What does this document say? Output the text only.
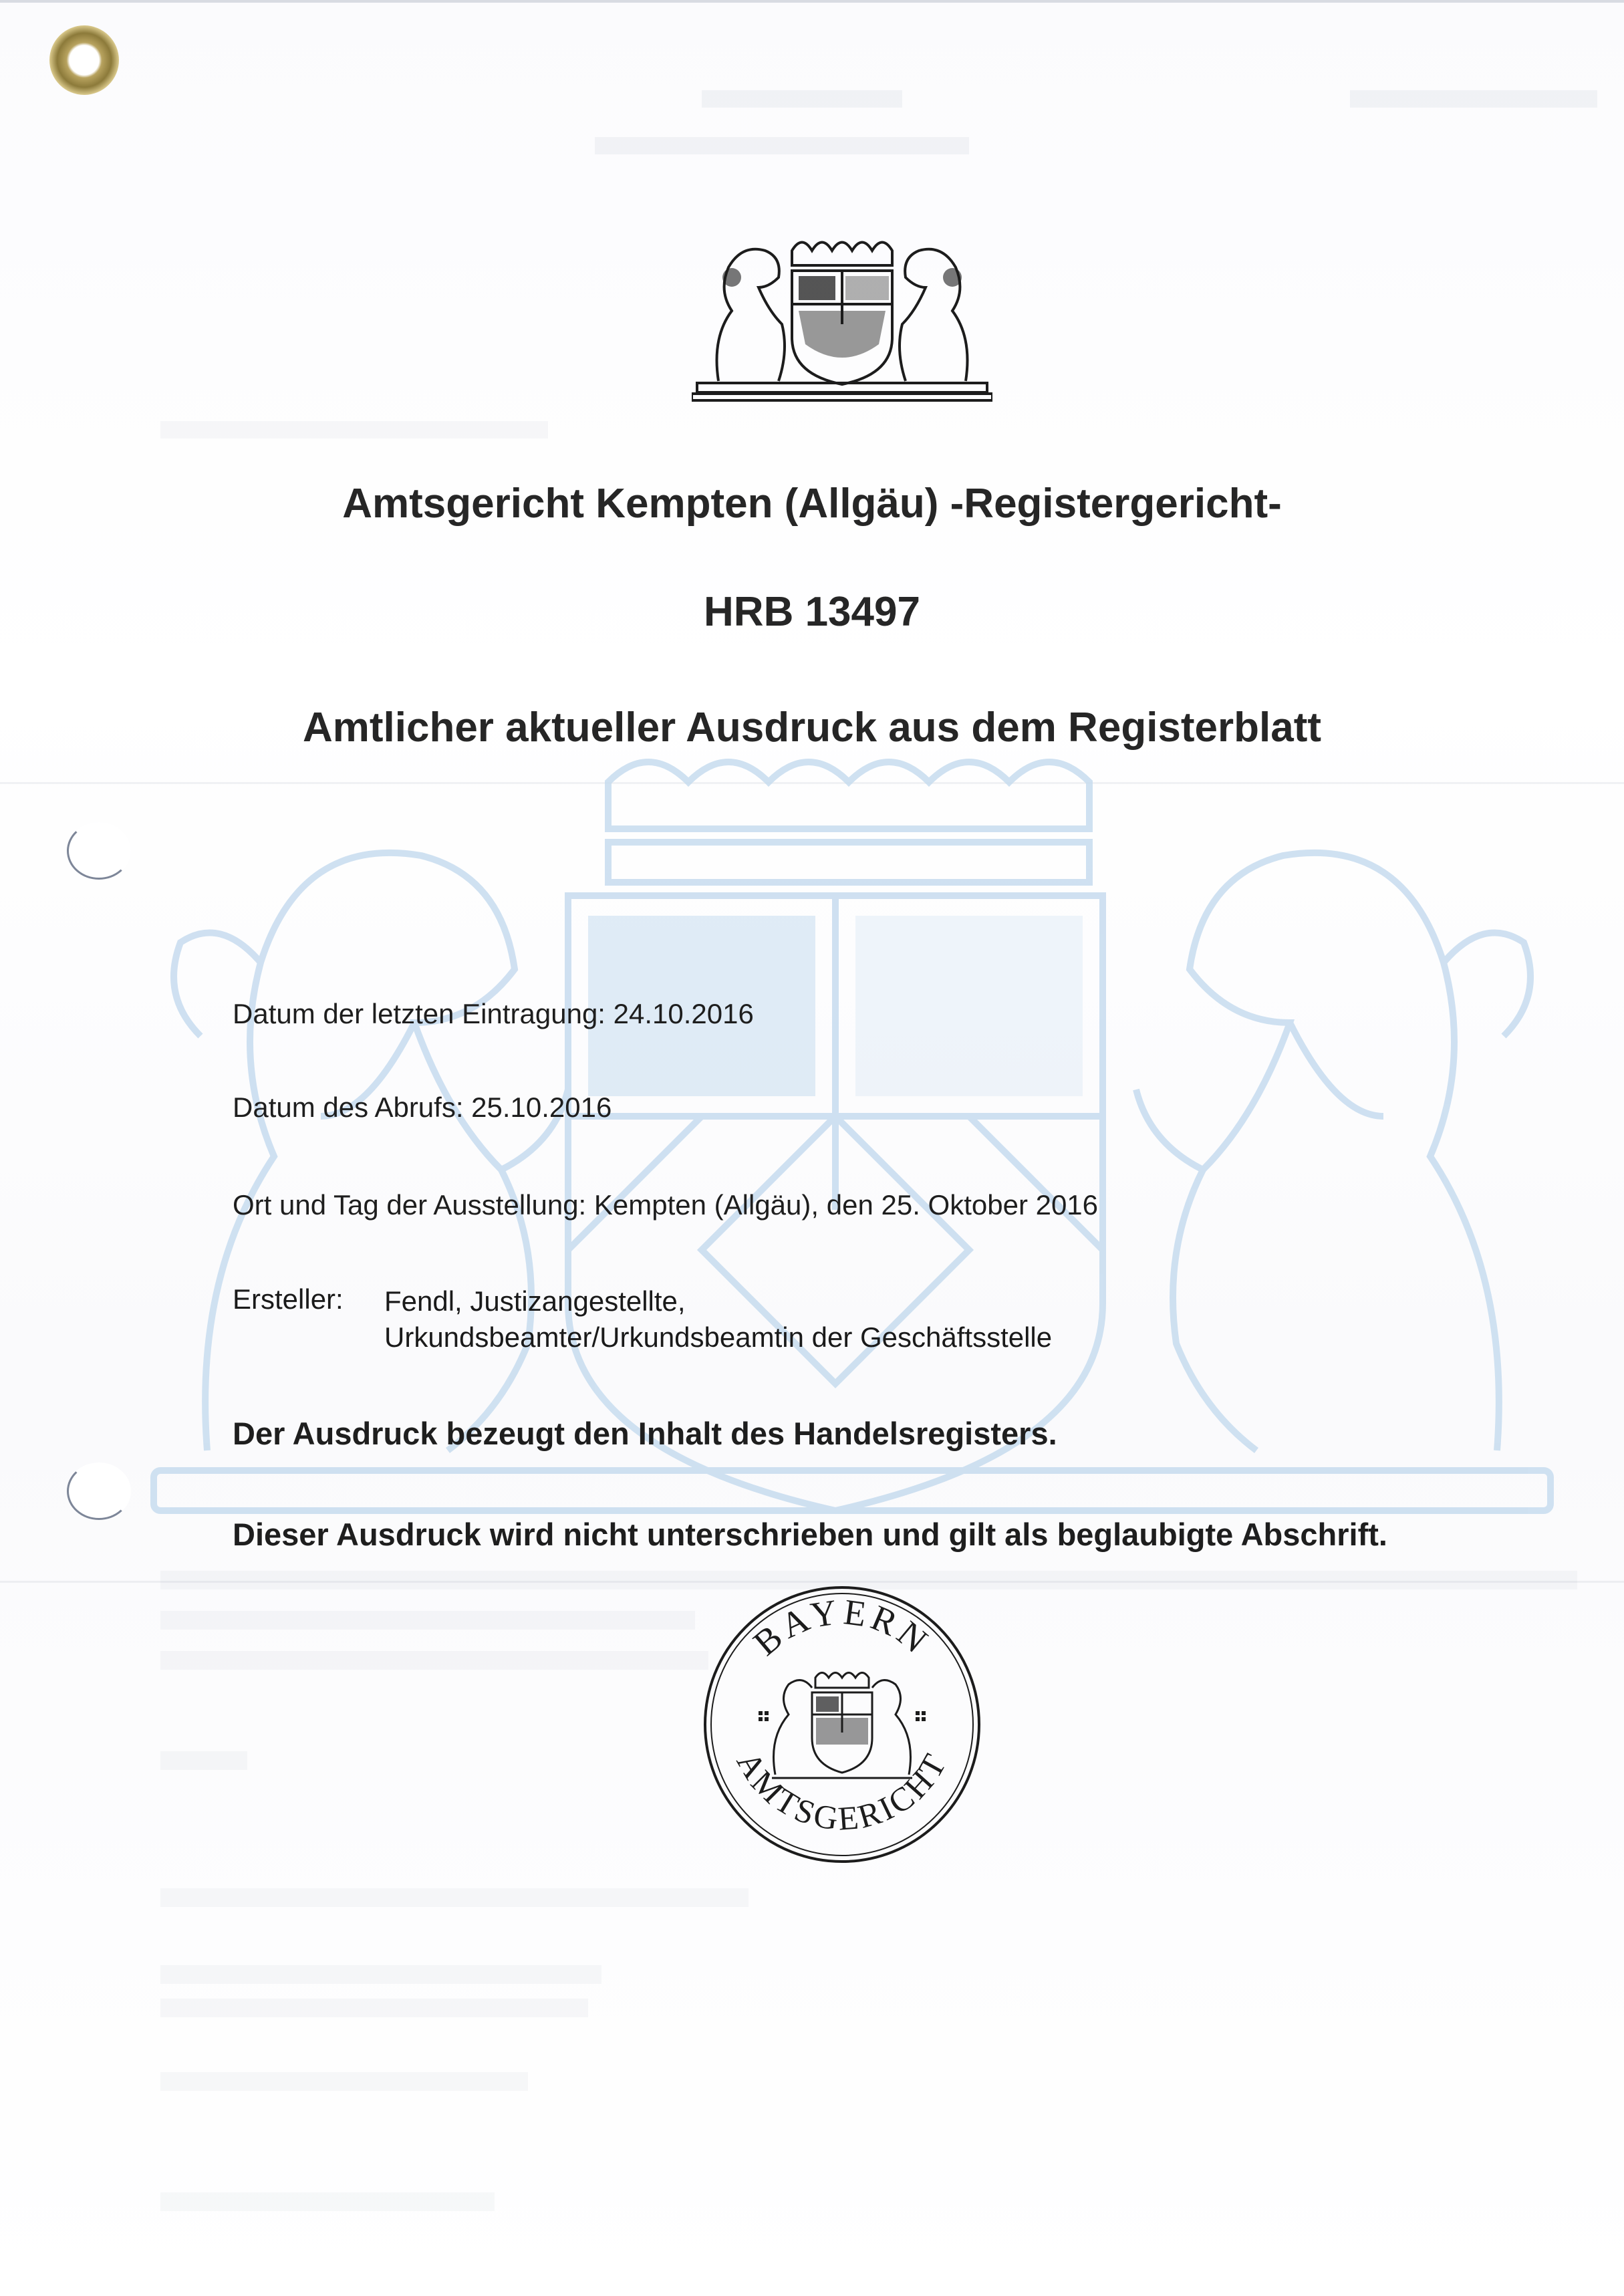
Amtsgericht Kempten (Allgäu) -Registergericht-
HRB 13497
Amtlicher aktueller Ausdruck aus dem Registerblatt
Datum der letzten Eintragung: 24.10.2016
Datum des Abrufs: 25.10.2016
Ort und Tag der Ausstellung: Kempten (Allgäu), den 25. Oktober 2016
Ersteller: Fendl, Justizangestellte,
Urkundsbeamter/Urkundsbeamtin der Geschäftsstelle
Der Ausdruck bezeugt den Inhalt des Handelsregisters.
Dieser Ausdruck wird nicht unterschrieben und gilt als beglaubigte Abschrift.
BAYERN
AMTSGERICHT
